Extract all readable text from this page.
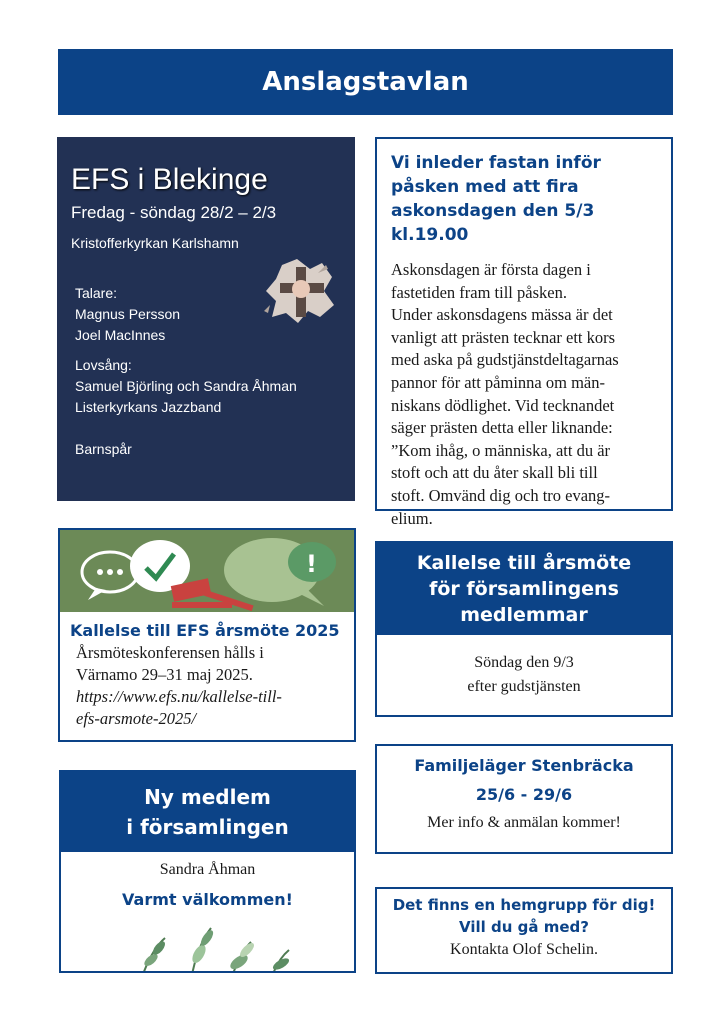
Anslagstavlan
EFS i Blekinge
Fredag - söndag 28/2 – 2/3
Kristofferkyrkan Karlshamn
Talare:
Magnus Persson
Joel MacInnes
Lovsång:
Samuel Björling och Sandra Åhman
Listerkyrkans Jazzband
Barnspår
Vi inleder fastan inför
påsken med att fira
askonsdagen den 5/3 kl.19.00
Askonsdagen är första dagen i
fastetiden fram till påsken.
Under askonsdagens mässa är det
vanligt att prästen tecknar ett kors
med aska på gudstjänstdeltagarnas
pannor för att påminna om män-
niskans dödlighet. Vid tecknandet
säger prästen detta eller liknande:
”Kom ihåg, o människa, att du är
stoft och att du åter skall bli till
stoft. Omvänd dig och tro evang-
elium.
!
Kallelse till EFS årsmöte 2025
Årsmöteskonferensen hålls i
Värnamo 29–31 maj 2025.
https://www.efs.nu/kallelse-till-
efs-arsmote-2025/
Kallelse till årsmöte
för församlingens
medlemmar
Söndag den 9/3
efter gudstjänsten
Ny medlem
i församlingen
Sandra Åhman
Varmt välkommen!
Familjeläger Stenbräcka
25/6 - 29/6
Mer info & anmälan kommer!
Det finns en hemgrupp för dig!
Vill du gå med?
Kontakta Olof Schelin.
